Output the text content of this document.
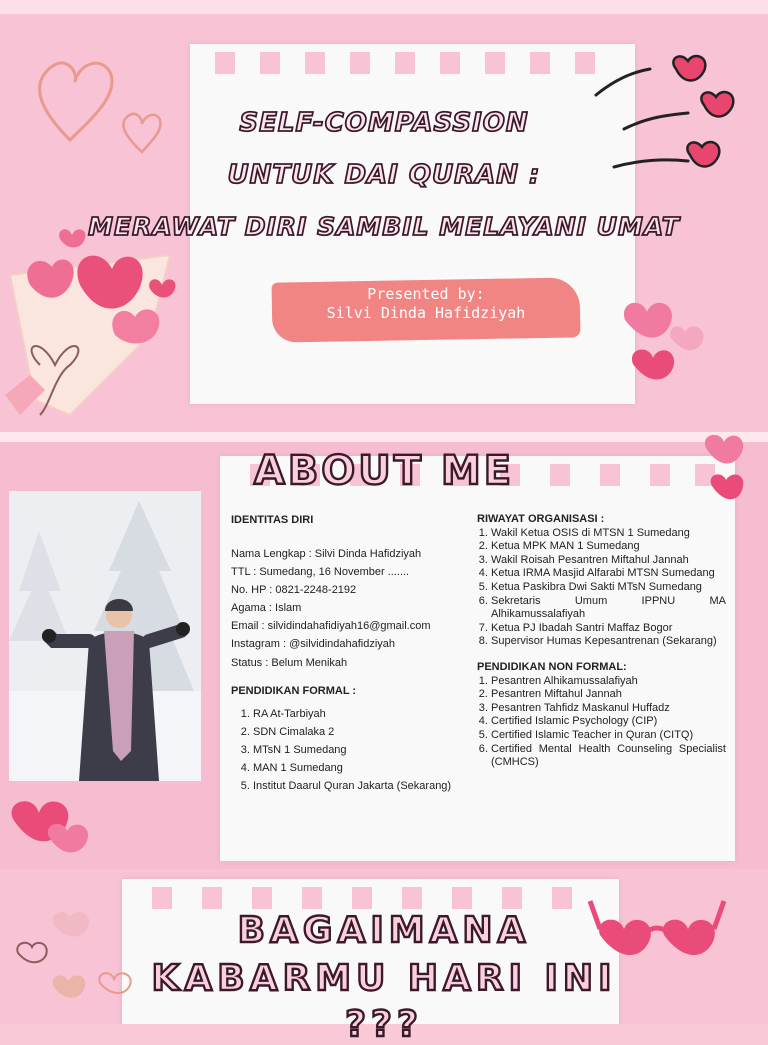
SELF-COMPASSION

UNTUK DAI QURAN :

MERAWAT DIRI SAMBIL MELAYANI UMAT

Presented by:
Silvi Dinda Hafidziyah

ABOUT ME

IDENTITAS DIRI
Nama Lengkap : Silvi Dinda Hafidziyah
TTL : Sumedang, 16 November .......
No. HP : 0821-2248-2192
Agama : Islam
Email : silvidindahafidiyah16@gmail.com
Instagram : @silvidindahafidziyah
Status : Belum Menikah
PENDIDIKAN FORMAL :
1. RA At-Tarbiyah
2. SDN Cimalaka 2
3. MTsN 1 Sumedang
4. MAN 1 Sumedang
5. Institut Daarul Quran Jakarta (Sekarang)
RIWAYAT ORGANISASI :
1. Wakil Ketua OSIS di MTSN 1 Sumedang
2. Ketua MPK MAN 1 Sumedang
3. Wakil Roisah Pesantren Miftahul Jannah
4. Ketua IRMA Masjid Alfarabi MTSN Sumedang
5. Ketua Paskibra Dwi Sakti MTsN Sumedang
6. Sekretaris Umum IPPNU MA Alhikamussalafiyah
7. Ketua PJ Ibadah Santri Maffaz Bogor
8. Supervisor Humas Kepesantrenan (Sekarang)
PENDIDIKAN NON FORMAL:
1. Pesantren Alhikamussalafiyah
2. Pesantren Miftahul Jannah
3. Pesantren Tahfidz Maskanul Huffadz
4. Certified Islamic Psychology (CIP)
5. Certified Islamic Teacher in Quran (CITQ)
6. Certified Mental Health Counseling Specialist (CMHCS)

BAGAIMANA

KABARMU HARI INI

???
